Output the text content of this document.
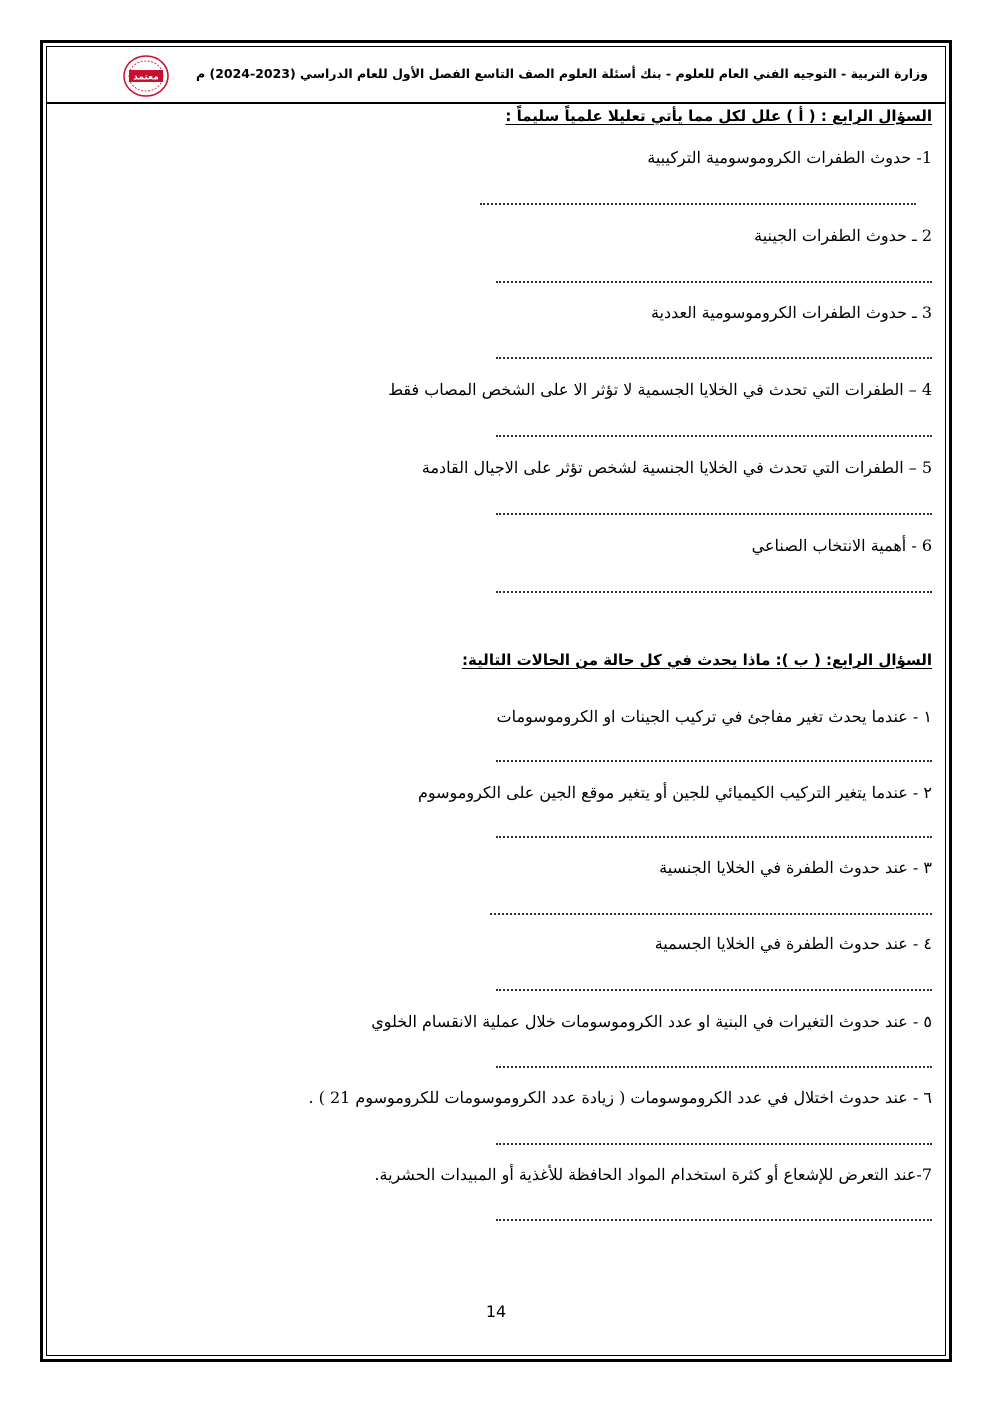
معتمد	وزارة التربية - التوجيه الفني العام للعلوم - بنك أسئلة العلوم الصف التاسع الفصل الأول للعام الدراسي (2023-2024) م
السؤال الرابع : ( أ ) علل لكل مما يأتي تعليلا علمياً سليماً :
1- حدوث الطفرات الكروموسومية التركيبية
2 ـ حدوث الطفرات الجينية
3 ـ حدوث الطفرات الكروموسومية العددية
4 – الطفرات التي تحدث في الخلايا الجسمية لا تؤثر الا على الشخص المصاب فقط
5 – الطفرات التي تحدث في الخلايا الجنسية لشخص تؤثر على الاجيال القادمة
6 - أهمية الانتخاب الصناعي
السؤال الرابع: ( ب ): ماذا يحدث في كل حالة من الحالات التالية:
١ - عندما يحدث تغير مفاجئ في تركيب الجينات او الكروموسومات
٢ - عندما يتغير التركيب الكيميائي للجين أو يتغير موقع الجين على الكروموسوم
٣ - عند حدوث الطفرة في الخلايا الجنسية
٤ - عند حدوث الطفرة في الخلايا الجسمية
٥ - عند حدوث التغيرات في البنية او عدد الكروموسومات خلال عملية الانقسام الخلوي
٦ - عند حدوث اختلال في عدد الكروموسومات ( زيادة عدد الكروموسومات للكروموسوم 21 ) .
7-عند التعرض للإشعاع أو كثرة استخدام المواد الحافظة للأغذية أو المبيدات الحشرية.
14
